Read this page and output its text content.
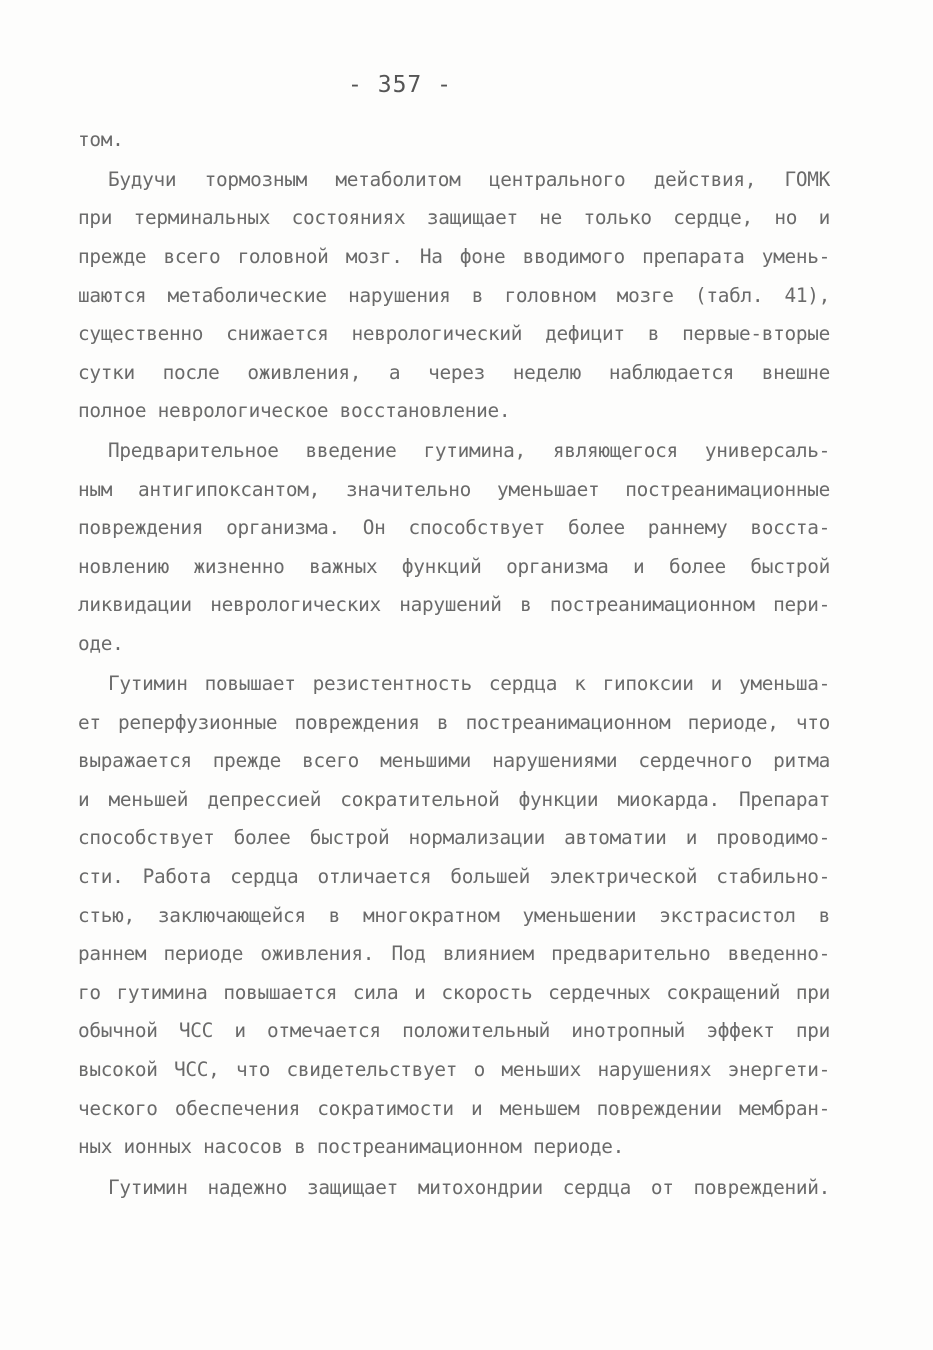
- 357 -
том.
Будучи тормозным метаболитом центрального действия, ГОМК
при терминальных состояниях защищает не только сердце, но и
прежде всего головной мозг. На фоне вводимого препарата умень-
шаются метаболические нарушения в головном мозге (табл. 41),
существенно снижается неврологический дефицит в первые-вторые
сутки после оживления, а через неделю наблюдается внешне
полное неврологическое восстановление.
Предварительное введение гутимина, являющегося универсаль-
ным антигипоксантом, значительно уменьшает постреанимационные
повреждения организма. Он способствует более раннему восста-
новлению жизненно важных функций организма и более быстрой
ликвидации неврологических нарушений в постреанимационном пери-
оде.
Гутимин повышает резистентность сердца к гипоксии и уменьша-
ет реперфузионные повреждения в постреанимационном периоде, что
выражается прежде всего меньшими нарушениями сердечного ритма
и меньшей депрессией сократительной функции миокарда. Препарат
способствует более быстрой нормализации автоматии и проводимо-
сти. Работа сердца отличается большей электрической стабильно-
стью, заключающейся в многократном уменьшении экстрасистол в
раннем периоде оживления. Под влиянием предварительно введенно-
го гутимина повышается сила и скорость сердечных сокращений при
обычной ЧСС и отмечается положительный инотропный эффект при
высокой ЧСС, что свидетельствует о меньших нарушениях энергети-
ческого обеспечения сократимости и меньшем повреждении мембран-
ных ионных насосов в постреанимационном периоде.
Гутимин надежно защищает митохондрии сердца от повреждений.
